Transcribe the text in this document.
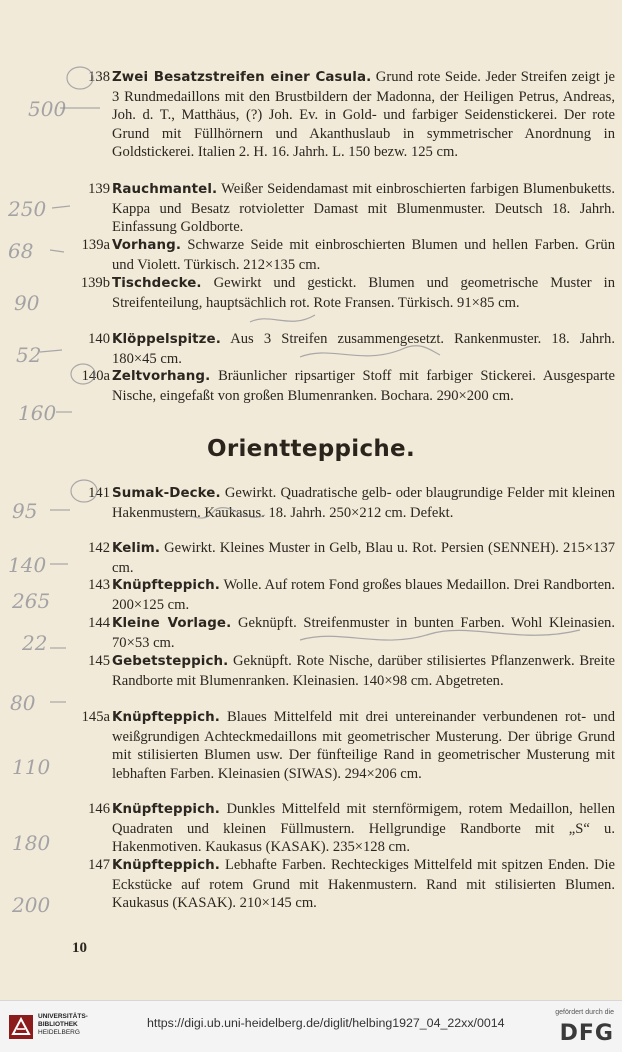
138 Zwei Besatzstreifen einer Casula. Grund rote Seide. Jeder Streifen zeigt je 3 Rundmedaillons mit den Brustbildern der Madonna, der Heiligen Petrus, Andreas, Joh. d. T., Matthäus, (?) Joh. Ev. in Gold- und farbiger Seidenstickerei. Der rote Grund mit Füllhörnern und Akanthuslaub in symmetrischer Anordnung in Goldstickerei. Italien 2. H. 16. Jahrh. L. 150 bezw. 125 cm.
139 Rauchmantel. Weißer Seidendamast mit einbroschierten farbigen Blumenbuketts. Kappa und Besatz rotvioletter Damast mit Blumenmuster. Deutsch 18. Jahrh. Einfassung Goldborte.
139a Vorhang. Schwarze Seide mit einbroschierten Blumen und hellen Farben. Grün und Violett. Türkisch. 212×135 cm.
139b Tischdecke. Gewirkt und gestickt. Blumen und geometrische Muster in Streifenteilung, hauptsächlich rot. Rote Fransen. Türkisch. 91×85 cm.
140 Klöppelspitze. Aus 3 Streifen zusammengesetzt. Rankenmuster. 18. Jahrh. 180×45 cm.
140a Zeltvorhang. Bräunlicher ripsartiger Stoff mit farbiger Stickerei. Ausgesparte Nische, eingefaßt von großen Blumenranken. Bochara. 290×200 cm.
Orientteppiche.
141 Sumak-Decke. Gewirkt. Quadratische gelb- oder blaugrundige Felder mit kleinen Hakenmustern. Kaukasus. 18. Jahrh. 250×212 cm. Defekt.
142 Kelim. Gewirkt. Kleines Muster in Gelb, Blau u. Rot. Persien (SENNEH). 215×137 cm.
143 Knüpfteppich. Wolle. Auf rotem Fond großes blaues Medaillon. Drei Randborten. 200×125 cm.
144 Kleine Vorlage. Geknüpft. Streifenmuster in bunten Farben. Wohl Kleinasien. 70×53 cm.
145 Gebetsteppich. Geknüpft. Rote Nische, darüber stilisiertes Pflanzenwerk. Breite Randborte mit Blumenranken. Kleinasien. 140×98 cm. Abgetreten.
145a Knüpfteppich. Blaues Mittelfeld mit drei untereinander verbundenen rot- und weißgrundigen Achteckmedaillons mit geometrischer Musterung. Der übrige Grund mit stilisierten Blumen usw. Der fünfteilige Rand in geometrischer Musterung mit lebhaften Farben. Kleinasien (SIWAS). 294×206 cm.
146 Knüpfteppich. Dunkles Mittelfeld mit sternförmigem, rotem Medaillon, hellen Quadraten und kleinen Füllmustern. Hellgrundige Randborte mit „S“ u. Hakenmotiven. Kaukasus (KASAK). 235×128 cm.
147 Knüpfteppich. Lebhafte Farben. Rechteckiges Mittelfeld mit spitzen Enden. Die Eckstücke auf rotem Grund mit Hakenmustern. Rand mit stilisierten Blumen. Kaukasus (KASAK). 210×145 cm.
10
500
250
68
90
52
160
95
140
265
22
80
110
180
200
UNIVERSITÄTS-
BIBLIOTHEK
HEIDELBERG
https://digi.ub.uni-heidelberg.de/diglit/helbing1927_04_22xx/0014
gefördert durch die
DFG
